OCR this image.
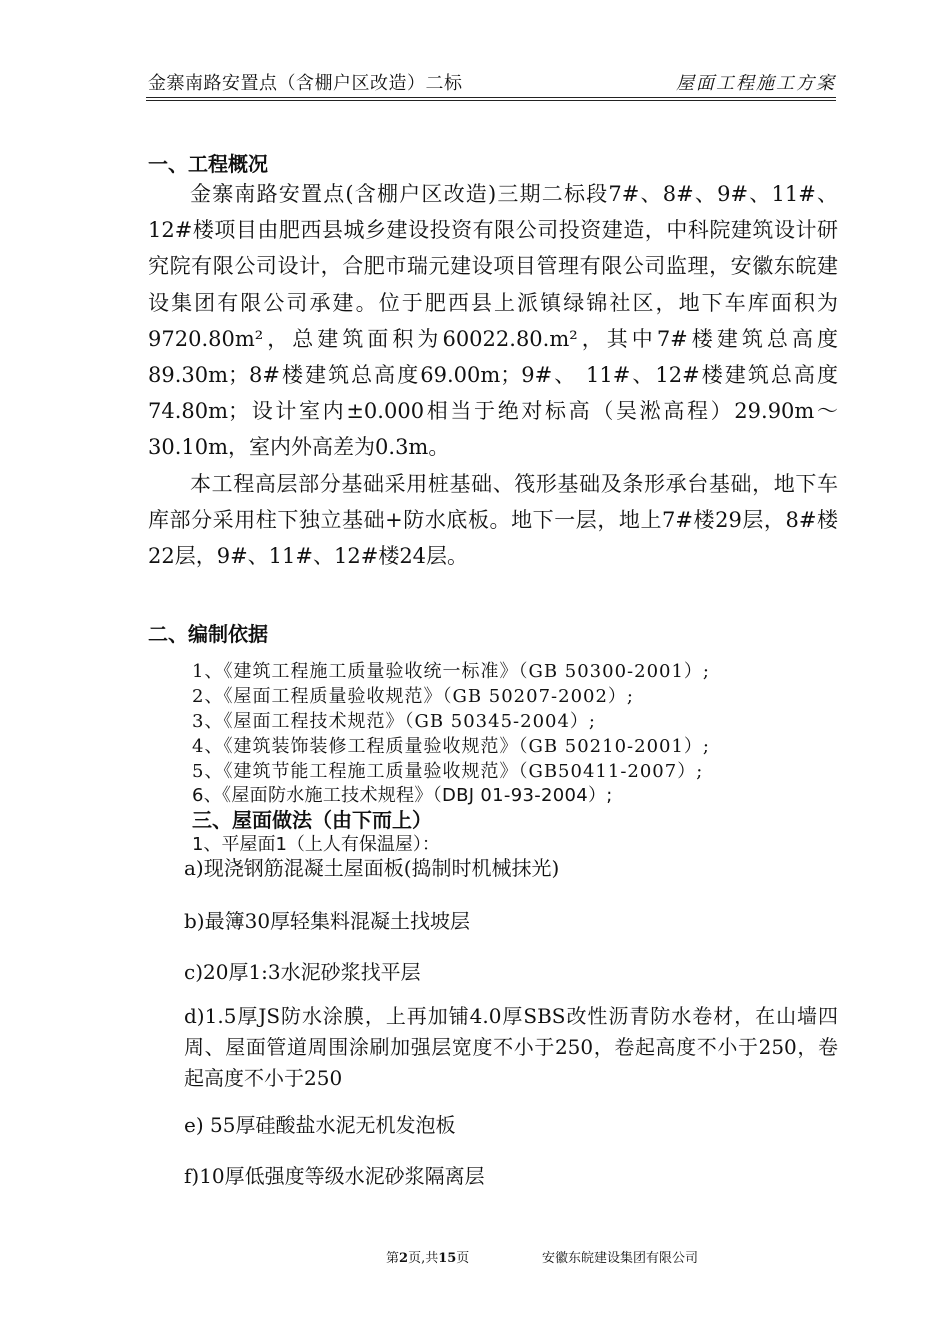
金寨南路安置点（含棚户区改造）二标	屋面工程施工方案
一、工程概况

金寨南路安置点(含棚户区改造)三期二标段7#、8#、9#、11#、12#楼项目由肥西县城乡建设投资有限公司投资建造，中科院建筑设计研究院有限公司设计，合肥市瑞元建设项目管理有限公司监理，安徽东皖建设集团有限公司承建。位于肥西县上派镇绿锦社区，地下车库面积为9720.80m²，总建筑面积为60022.80.m²，其中7#楼建筑总高度89.30m；8#楼建筑总高度69.00m；9#、 11#、12#楼建筑总高度74.80m；设计室内±0.000相当于绝对标高（吴淞高程）29.90m～30.10m，室内外高差为0.3m。

本工程高层部分基础采用桩基础、筏形基础及条形承台基础，地下车库部分采用柱下独立基础+防水底板。地下一层，地上7#楼29层，8#楼22层，9#、11#、12#楼24层。

二、编制依据
1、《建筑工程施工质量验收统一标准》（GB 50300-2001）;
2、《屋面工程质量验收规范》（GB 50207-2002）;
3、《屋面工程技术规范》（GB 50345-2004）;
4、《建筑装饰装修工程质量验收规范》（GB 50210-2001）;
5、《建筑节能工程施工质量验收规范》（GB50411-2007）;
6、《屋面防水施工技术规程》（DBJ 01-93-2004）;
三、屋面做法（由下而上）
1、平屋面1（上人有保温屋）：
a)现浇钢筋混凝土屋面板(捣制时机械抹光)
b)最簿30厚轻集料混凝土找坡层
c)20厚1:3水泥砂浆找平层
d)1.5厚JS防水涂膜，上再加铺4.0厚SBS改性沥青防水卷材，在山墙四周、屋面管道周围涂刷加强层宽度不小于250，卷起高度不小于250，卷起高度不小于250
e) 55厚硅酸盐水泥无机发泡板
f)10厚低强度等级水泥砂浆隔离层
第2页,共15页	安徽东皖建设集团有限公司
